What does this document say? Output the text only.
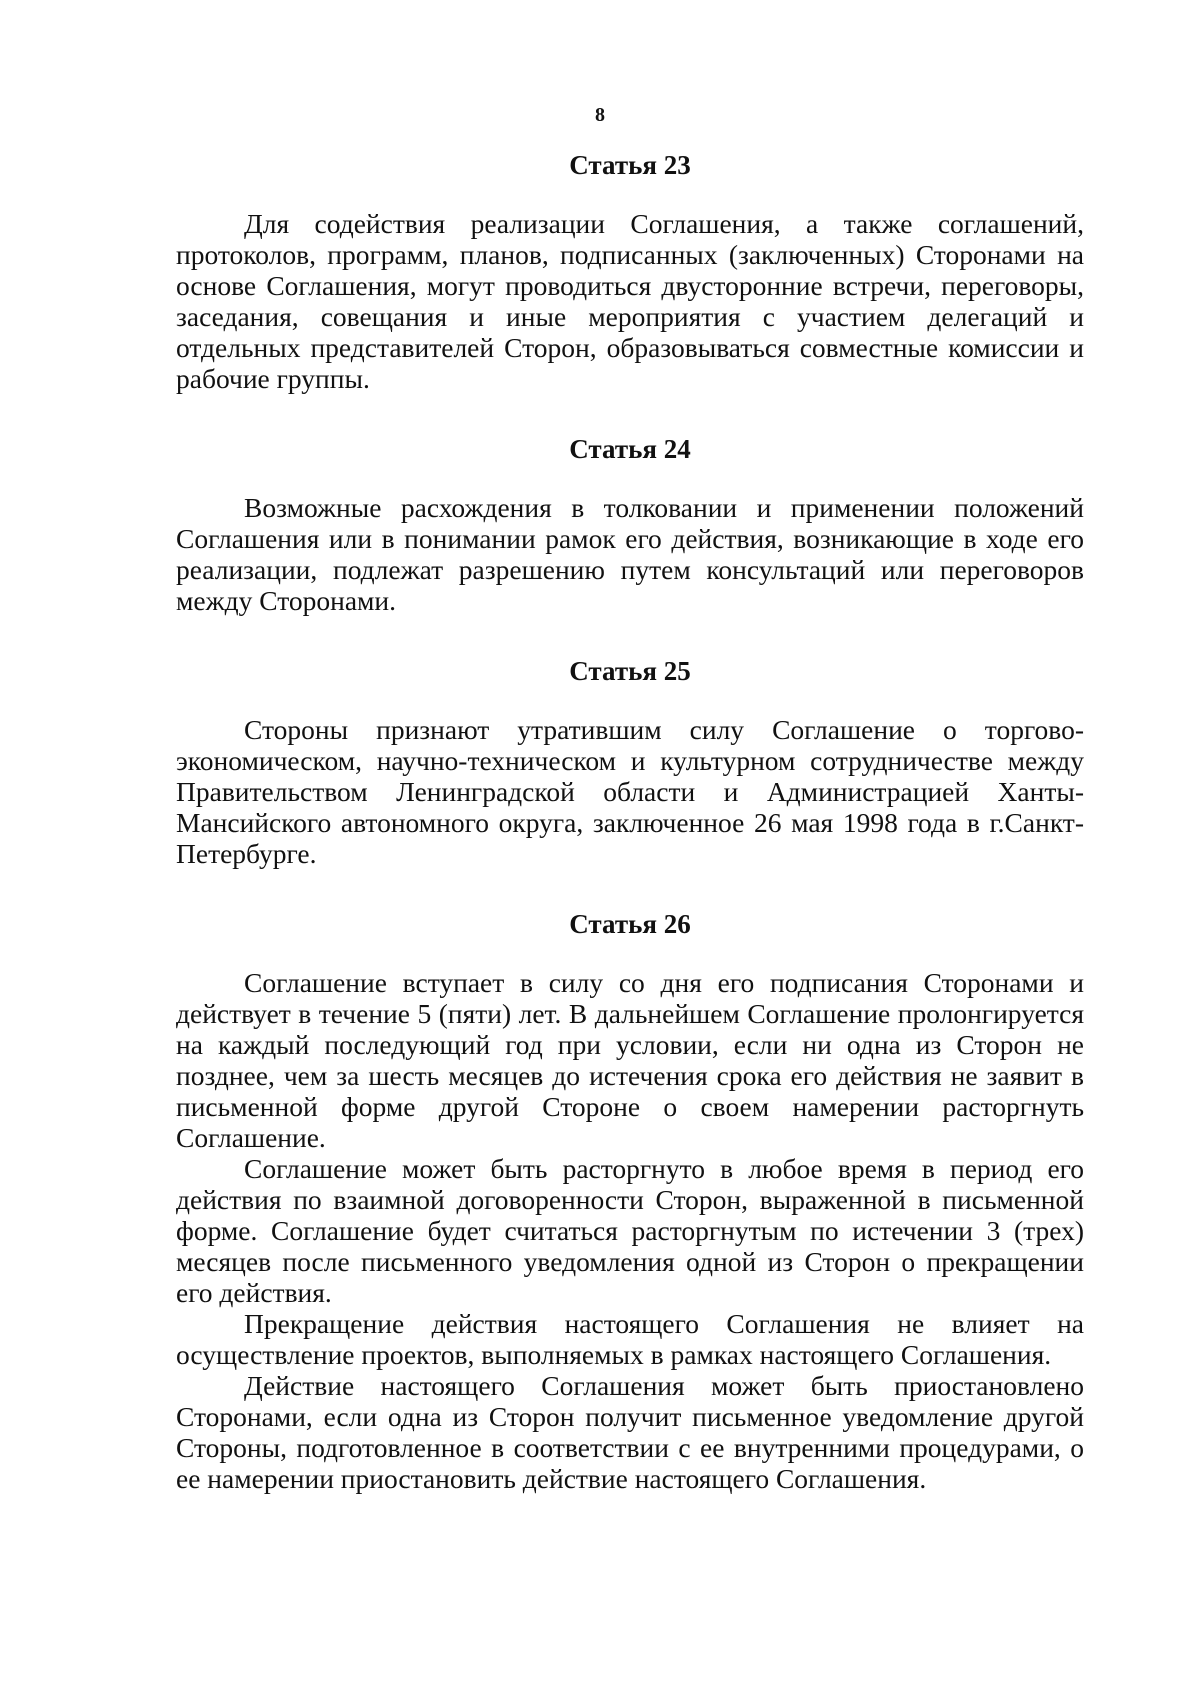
8
Статья 23

Для содействия реализации Соглашения, а также соглашений, протоколов, программ, планов, подписанных (заключенных) Сторонами на основе Соглашения, могут проводиться двусторонние встречи, переговоры, заседания, совещания и иные мероприятия с участием делегаций и отдельных представителей Сторон, образовываться совместные комиссии и рабочие группы.

Статья 24

Возможные расхождения в толковании и применении положений Соглашения или в понимании рамок его действия, возникающие в ходе его реализации, подлежат разрешению путем консультаций или переговоров между Сторонами.

Статья 25

Стороны признают утратившим силу Соглашение о торгово-экономическом, научно-техническом и культурном сотрудничестве между Правительством Ленинградской области и Администрацией Ханты-Мансийского автономного округа, заключенное 26 мая 1998 года в г.Санкт-Петербурге.

Статья 26

Соглашение вступает в силу со дня его подписания Сторонами и действует в течение 5 (пяти) лет. В дальнейшем Соглашение пролонгируется на каждый последующий год при условии, если ни одна из Сторон не позднее, чем за шесть месяцев до истечения срока его действия не заявит в письменной форме другой Стороне о своем намерении расторгнуть Соглашение.

Соглашение может быть расторгнуто в любое время в период его действия по взаимной договоренности Сторон, выраженной в письменной форме. Соглашение будет считаться расторгнутым по истечении 3 (трех) месяцев после письменного уведомления одной из Сторон о прекращении его действия.

Прекращение действия настоящего Соглашения не влияет на осуществление проектов, выполняемых в рамках настоящего Соглашения.

Действие настоящего Соглашения может быть приостановлено Сторонами, если одна из Сторон получит письменное уведомление другой Стороны, подготовленное в соответствии с ее внутренними процедурами, о ее намерении приостановить действие настоящего Соглашения.
